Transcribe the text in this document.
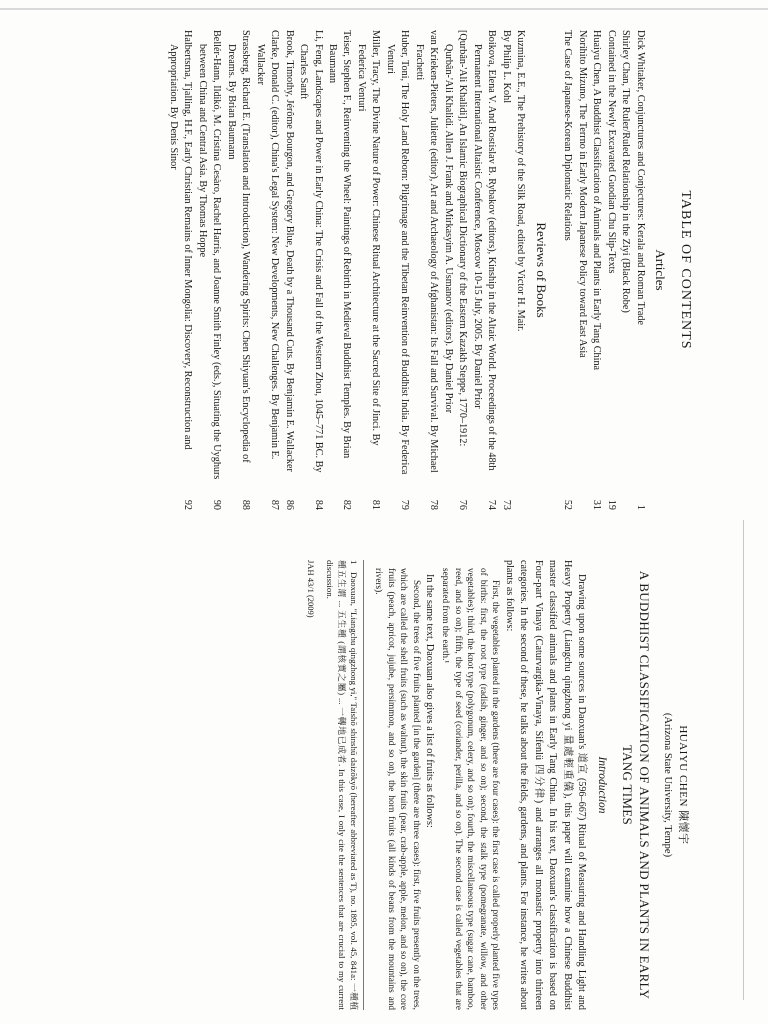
TABLE OF CONTENTS
Articles
Dick Whitaker, Conjunctures and Conjectures: Kerala and Roman Trade
1
Shirley Chan, The Ruler/Ruled Relationship in the Ziyi (Black Robe)
Contained in the Newly Excavated Guodian Chu Slip-Texts
19
Huaiyu Chen, A Buddhist Classification of Animals and Plants in Early Tang China
31
Norihito Mizuno, The Terrno in Early Modern Japanese Policy toward East Asia
The Case of Japanese-Korean Diplomatic Relations
52
Reviews of Books
Kuzmina, E.E., The Prehistory of the Silk Road, edited by Victor H. Mair.
By Philip L. Kohl
73
Boikova, Elena V. And Rostislav B. Rybakov (editors), Kinship in the Altaic World. Proceedings of the 48th Permanent International Altaistic Conference, Moscow 10-15 July, 2005. By Daniel Prior
74
[Qurbân-'Ali Khalidi], An Islamic Biographical Dictionary of the Eastern Kazakh Steppe, 1770–1912: Qurbân-'Ali Khalidi. Allen J. Frank and Mirkasyim A. Usmanov (editors). By Daniel Prior
76
van Krieken-Pieters, Juliette (editor), Art and Archaeology of Afghanistan: Its Fall and Survival. By Michael Frachetti
78
Huber, Toni, The Holy Land Reborn: Pilgrimage and the Tibetan Reinvention of Buddhist India. By Federica Venturi
79
Miller, Tracy, The Divine Nature of Power: Chinese Ritual Architecture at the Sacred Site of Jinci. By Federica Venturi
81
Teiser, Stephen F., Reinventing the Wheel: Paintings of Rebirth in Medieval Buddhist Temples. By Brian Baumann
82
Li, Feng, Landscapes and Power in Early China: The Crisis and Fall of the Western Zhou, 1045–771 BC. By Charles Sanft
84
Brook, Timothy, Jérôme Bourgon, and Gregory Blue, Death by a Thousand Cuts. By Benjamin E. Wallacker
86
Clarke, Donald C. (editor), China's Legal System: New Developments, New Challenges. By Benjamin E. Wallacker
87
Strassberg, Richard E. (Translation and Introduction), Wandering Spirits: Chen Shiyuan's Encyclopedia of Dreams. By Brian Baumann
88
Bellér-Hann, Ildikó, M. Cristina Cesàro, Rachel Harris, and Joanne Smith Finley (eds.), Situating the Uyghurs between China and Central Asia. By Thomas Hoppe
90
Halbertsma, Tjalling, H.F., Early Christian Remains of Inner Mongolia: Discovery, Reconstruction and Appropriation. By Denis Sinor
92
HUAIYU CHEN 陳懷宇
(Arizona State University, Tempe)
A BUDDHIST CLASSIFICATION OF ANIMALS AND PLANTS IN EARLY TANG TIMES
Introduction

Drawing upon some sources in Daoxuan's 道宣 (596–667) Ritual of Measuring and Handling Light and Heavy Property (Liangchu qingzhong yi 量處輕重儀), this paper will examine how a Chinese Buddhist master classified animals and plants in Early Tang China. In his text, Daoxuan's classification is based on Four-part Vinaya (Caturvargika-Vinaya, Sifenlü 四分律) and arranges all monastic property into thirteen categories. In the second of these, he talks about the fields, gardens, and plants. For instance, he writes about plants as follows:

First, the vegetables planted in the gardens (there are four cases): the first case is called properly planted five types of births: first, the root type (radish, ginger, and so on); second, the stalk type (pomegranate, willow, and other vegetables); third, the knot type (polygonum, celery, and so on); fourth, the miscellaneous type (sugar cane, bamboo, reed, and so on); fifth, the type of seed (coriander, perilla, and so on). The second case is called vegetables that are separated from the earth.¹

In the same text, Daoxuan also gives a list of fruits as follows:

Second, the trees of five fruits planted [in the garden] (there are three cases): first, five fruits presently on the trees, which are called the shell fruits (such as walnut), the skin fruits (pear, crab-apple, apple, melon, and so on), the core fruits (peach, apricot, jujube, persimmon, and so on), the horn fruits (all kinds of beans from the mountains and rivers).

1Daoxuan, "Liangchu qingzhong yi," Taishō shinshū daizōkyō (hereafter abbreviated as T), no. 1895, vol. 45, 841a: 一種植種五生謂 ... 五生種 (謂核實之屬) ... 一轉地已成者. In this case, I only cite the sentences that are crucial to my current discussion.
JAH 43/1 (2009)
